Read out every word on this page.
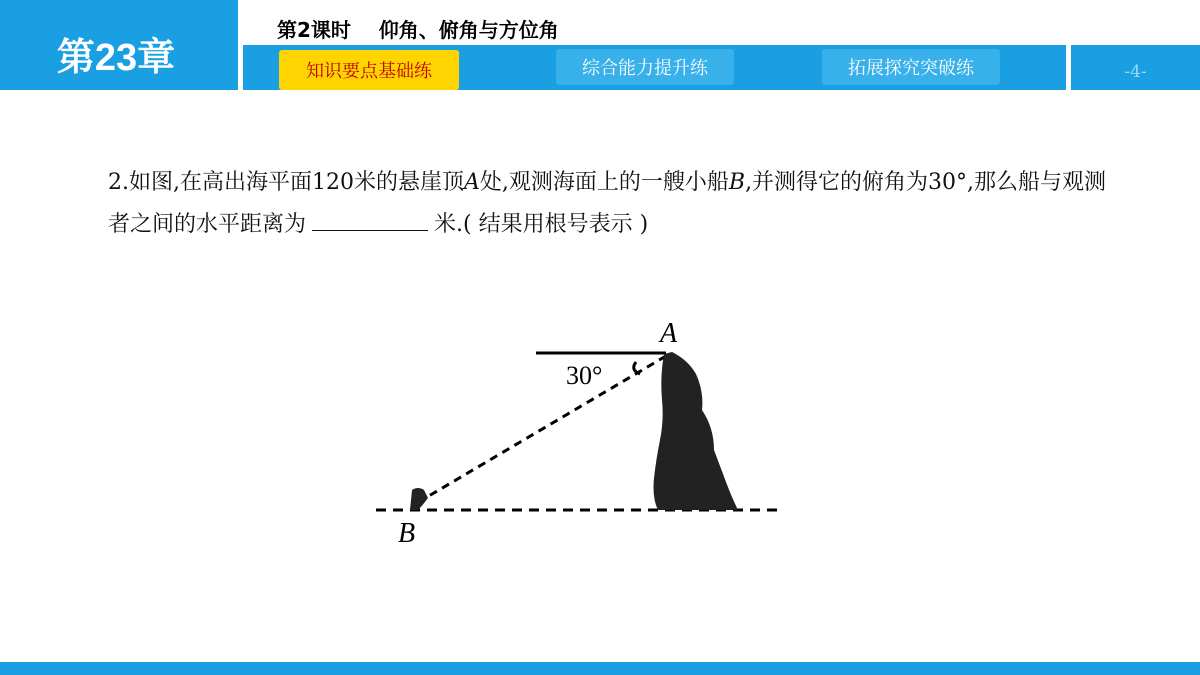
第23章
第2课时    仰角、俯角与方位角
知识要点基础练	综合能力提升练	拓展探究突破练	-4-
2.如图,在高出海平面120米的悬崖顶A处,观测海面上的一艘小船B,并测得它的俯角为30°,那么船与观测者之间的水平距离为	米.( 结果用根号表示 )
A
30°
B
